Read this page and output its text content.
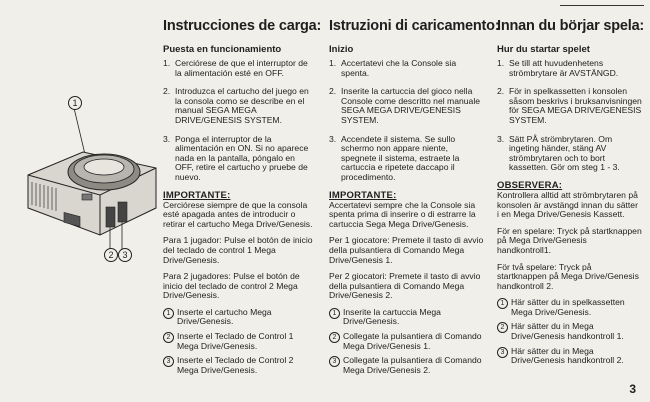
1
2 3
Instrucciones de carga:
Puesta en funcionamiento
1. Cerciórese de que el interruptor de la alimentación esté en OFF.
2. Introduzca el cartucho del juego en la consola como se describe en el manual SEGA MEGA DRIVE/GENESIS SYSTEM.
3. Ponga el interruptor de la alimentación en ON. Si no aparece nada en la pantalla, póngalo en OFF, retire el cartucho y pruebe de nuevo.
IMPORTANTE:

Cerciórese siempre de que la consola esté apagada antes de introducir o retirar el cartucho Mega Drive/Genesis.

Para 1 jugador: Pulse el botón de inicio del teclado de control 1 Mega Drive/Genesis.

Para 2 jugadores: Pulse el botón de inicio del teclado de control 2 Mega Drive/Genesis.

1 Inserte el cartucho Mega Drive/Genesis.
2 Inserte el Teclado de Control 1 Mega Drive/Genesis.
3 Inserte el Teclado de Control 2 Mega Drive/Genesis.
Istruzioni di caricamento:
Inizio
1. Accertatevi che la Console sia spenta.
2. Inserite la cartuccia del gioco nella Console come descritto nel manuale SEGA MEGA DRIVE/GENESIS SYSTEM.
3. Accendete il sistema. Se sullo schermo non appare niente, spegnete il sistema, estraete la cartuccia e ripetete daccapo il procedimento.
IMPORTANTE:

Accertatevi sempre che la Console sia spenta prima di inserire o di estrarre la cartuccia Sega Mega Drive/Genesis.

Per 1 giocatore: Premete il tasto di avvio della pulsantiera di Comando Mega Drive/Genesis 1.

Per 2 giocatori: Premete il tasto di avvio della pulsantiera di Comando Mega Drive/Genesis 2.

1 Inserite la cartuccia Mega Drive/Genesis.
2 Collegate la pulsantiera di Comando Mega Drive/Genesis 1.
3 Collegate la pulsantiera di Comando Mega Drive/Genesis 2.
Innan du börjar spela:
Hur du startar spelet
1. Se till att huvudenhetens strömbrytare är AVSTÄNGD.
2. För in spelkassetten i konsolen såsom beskrivs i bruksanvisningen för SEGA MEGA DRIVE/GENESIS SYSTEM.
3. Sätt PÅ strömbrytaren. Om ingeting händer, stäng AV strömbrytaren och to bort kassetten. Gör om steg 1 - 3.
OBSERVERA:

Kontrollera alltid att strömbrytaren på konsolen är avstängd innan du sätter i en Mega Drive/Genesis Kassett.

För en spelare: Tryck på startknappen på Mega Drive/Genesis handkontroll1.

För två spelare: Tryck på startknappen på Mega Drive/Genesis handkontroll 2.

1 Här sätter du in spelkassetten Mega Drive/Genesis.
2 Här sätter du in Mega Drive/Genesis handkontroll 1.
3 Här sätter du in Mega Drive/Genesis handkontroll 2.
3
